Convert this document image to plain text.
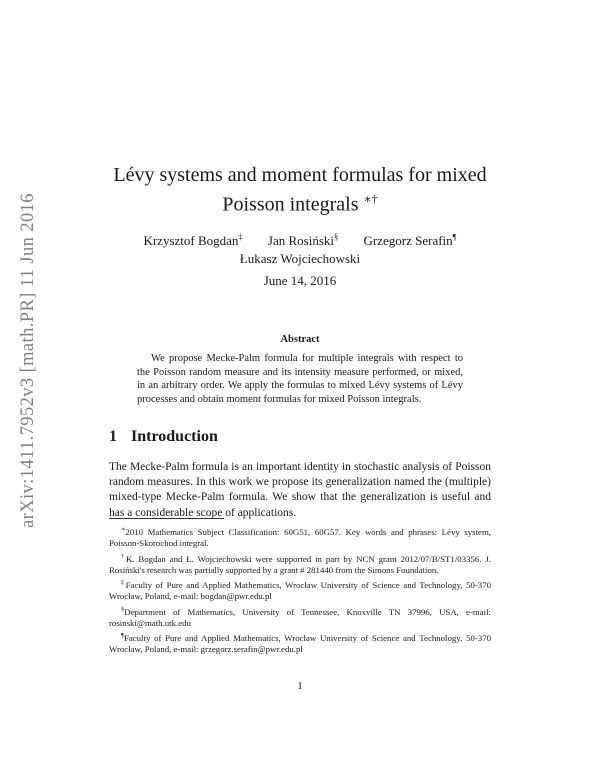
arXiv:1411.7952v3 [math.PR] 11 Jun 2016
Lévy systems and moment formulas for mixed Poisson integrals ∗†
Krzysztof Bogdan‡ Jan Rosiński§ Grzegorz Serafin¶
Łukasz Wojciechowski
June 14, 2016
Abstract

We propose Mecke-Palm formula for multiple integrals with respect to the Poisson random measure and its intensity measure performed, or mixed, in an arbitrary order. We apply the formulas to mixed Lévy systems of Lévy processes and obtain moment formulas for mixed Poisson integrals.

1 Introduction

The Mecke-Palm formula is an important identity in stochastic analysis of Poisson random measures. In this work we propose its generalization named the (multiple) mixed-type Mecke-Palm formula. We show that the generalization is useful and has a considerable scope of applications.

∗2010 Mathematics Subject Classification: 60G51, 60G57. Key words and phrases: Lévy system, Poisson-Skorochod integral.

†K. Bogdan and Ł. Wojciechowski were supported in part by NCN grant 2012/07/B/ST1/03356. J. Rosiński's research was partially supported by a grant # 281440 from the Simons Foundation.

‡Faculty of Pure and Applied Mathematics, Wrocław University of Science and Technology, 50-370 Wrocław, Poland, e-mail: bogdan@pwr.edu.pl

§Department of Mathematics, University of Tennessee, Knoxville TN 37996, USA, e-mail: rosinski@math.utk.edu

¶Faculty of Pure and Applied Mathematics, Wrocław University of Science and Technology, 50-370 Wrocław, Poland, e-mail: grzegorz.serafin@pwr.edu.pl

1
